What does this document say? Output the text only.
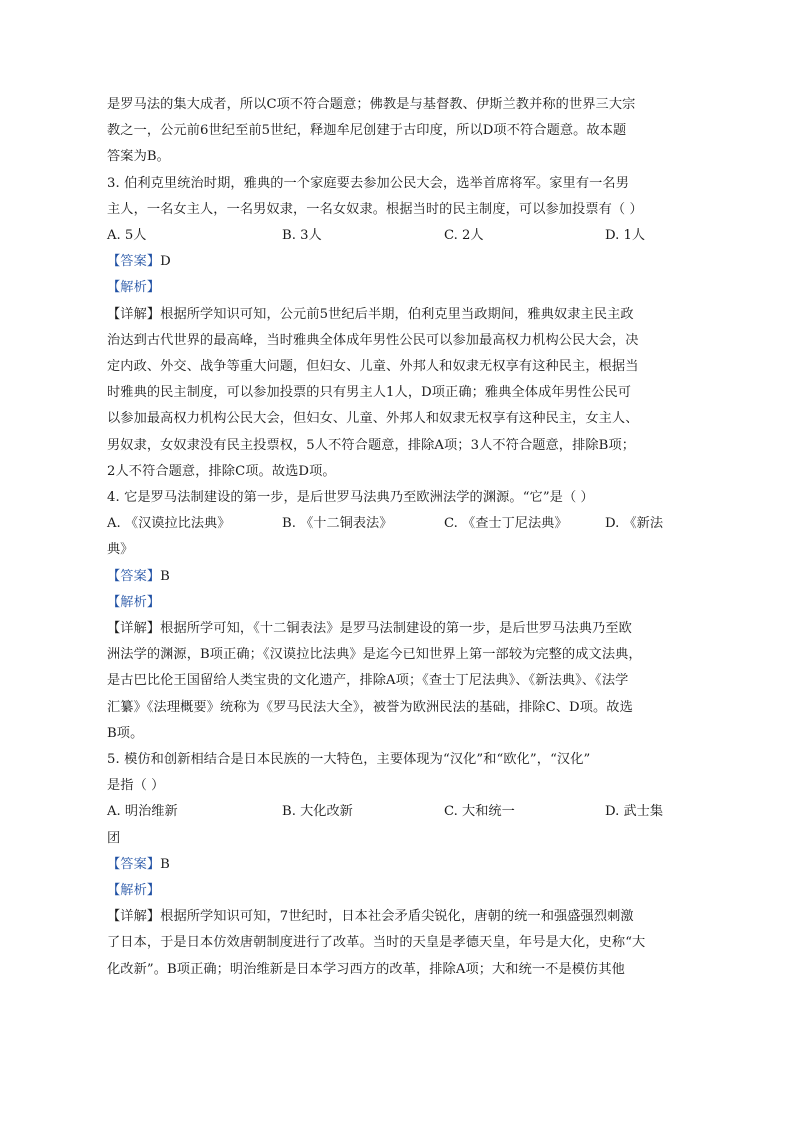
是罗马法的集大成者，所以C项不符合题意；佛教是与基督教、伊斯兰教并称的世界三大宗

教之一，公元前6世纪至前5世纪，释迦牟尼创建于古印度，所以D项不符合题意。故本题

答案为B。

3. 伯利克里统治时期，雅典的一个家庭要去参加公民大会，选举首席将军。家里有一名男

主人，一名女主人，一名男奴隶，一名女奴隶。根据当时的民主制度，可以参加投票有（ ）

A. 5人	B. 3人	C. 2人	D. 1人

【答案】D

【解析】

【详解】根据所学知识可知，公元前5世纪后半期，伯利克里当政期间，雅典奴隶主民主政

治达到古代世界的最高峰，当时雅典全体成年男性公民可以参加最高权力机构公民大会，决

定内政、外交、战争等重大问题，但妇女、儿童、外邦人和奴隶无权享有这种民主，根据当

时雅典的民主制度，可以参加投票的只有男主人1人，D项正确；雅典全体成年男性公民可

以参加最高权力机构公民大会，但妇女、儿童、外邦人和奴隶无权享有这种民主，女主人、

男奴隶，女奴隶没有民主投票权，5人不符合题意，排除A项；3人不符合题意，排除B项；

2人不符合题意，排除C项。故选D项。

4. 它是罗马法制建设的第一步，是后世罗马法典乃至欧洲法学的渊源。“它”是（ ）

A. 《汉谟拉比法典》	B. 《十二铜表法》	C. 《查士丁尼法典》	D. 《新法

典》

【答案】B

【解析】

【详解】根据所学可知，《十二铜表法》是罗马法制建设的第一步，是后世罗马法典乃至欧

洲法学的渊源，B项正确；《汉谟拉比法典》是迄今已知世界上第一部较为完整的成文法典，

是古巴比伦王国留给人类宝贵的文化遗产，排除A项；《查士丁尼法典》、《新法典》、《法学

汇纂》《法理概要》统称为《罗马民法大全》，被誉为欧洲民法的基础，排除C、D项。故选

B项。

5. 模仿和创新相结合是日本民族的一大特色，主要体现为“汉化”和“欧化”，“汉化”

是指（ ）

A. 明治维新	B. 大化改新	C. 大和统一	D. 武士集

团

【答案】B

【解析】

【详解】根据所学知识可知，7世纪时，日本社会矛盾尖锐化，唐朝的统一和强盛强烈刺激

了日本，于是日本仿效唐朝制度进行了改革。当时的天皇是孝德天皇，年号是大化，史称“大

化改新”。B项正确；明治维新是日本学习西方的改革，排除A项；大和统一不是模仿其他
